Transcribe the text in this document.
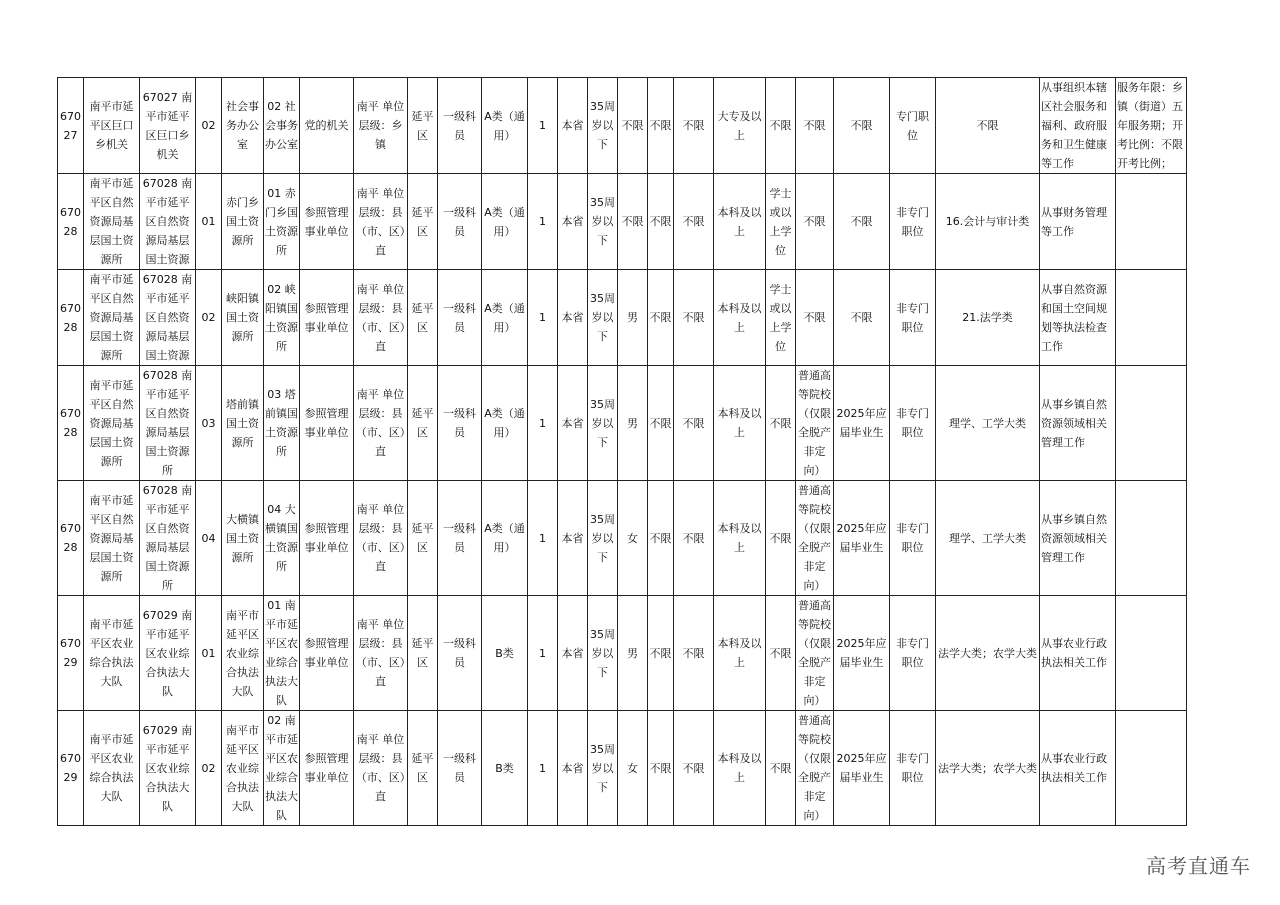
67027	南平市延平区巨口乡机关	67027 南平市延平区巨口乡机关	02	社会事务办公室	02 社会事务办公室	党的机关	南平 单位层级：乡镇	延平区	一级科员	A类（通用）	1	本省	35周岁以下	不限	不限	不限	大专及以上	不限	不限	不限	专门职位	不限	从事组织本辖区社会服务和福利、政府服务和卫生健康等工作	服务年限：乡镇（街道）五年服务期；开考比例：不限 开考比例；
67028	南平市延平区自然资源局基层国土资源所	67028 南平市延平区自然资源局基层国土资源	01	赤门乡国土资源所	01 赤门乡国土资源所	参照管理事业单位	南平 单位层级：县（市、区）直	延平区	一级科员	A类（通用）	1	本省	35周岁以下	不限	不限	不限	本科及以上	学士或以上学位	不限	不限	非专门职位	16.会计与审计类	从事财务管理等工作	
67028	南平市延平区自然资源局基层国土资源所	67028 南平市延平区自然资源局基层国土资源	02	峡阳镇国土资源所	02 峡阳镇国土资源所	参照管理事业单位	南平 单位层级：县（市、区）直	延平区	一级科员	A类（通用）	1	本省	35周岁以下	男	不限	不限	本科及以上	学士或以上学位	不限	不限	非专门职位	21.法学类	从事自然资源和国土空间规划等执法检查工作	
67028	南平市延平区自然资源局基层国土资源所	67028 南平市延平区自然资源局基层国土资源所	03	塔前镇国土资源所	03 塔前镇国土资源所	参照管理事业单位	南平 单位层级：县（市、区）直	延平区	一级科员	A类（通用）	1	本省	35周岁以下	男	不限	不限	本科及以上	不限	普通高等院校（仅限全脱产非定向）	2025年应届毕业生	非专门职位	理学、工学大类	从事乡镇自然资源领域相关管理工作	
67028	南平市延平区自然资源局基层国土资源所	67028 南平市延平区自然资源局基层国土资源所	04	大横镇国土资源所	04 大横镇国土资源所	参照管理事业单位	南平 单位层级：县（市、区）直	延平区	一级科员	A类（通用）	1	本省	35周岁以下	女	不限	不限	本科及以上	不限	普通高等院校（仅限全脱产非定向）	2025年应届毕业生	非专门职位	理学、工学大类	从事乡镇自然资源领域相关管理工作	
67029	南平市延平区农业综合执法大队	67029 南平市延平区农业综合执法大队	01	南平市延平区农业综合执法大队	01 南平市延平区农业综合执法大队	参照管理事业单位	南平 单位层级：县（市、区）直	延平区	一级科员	B类	1	本省	35周岁以下	男	不限	不限	本科及以上	不限	普通高等院校（仅限全脱产非定向）	2025年应届毕业生	非专门职位	法学大类；农学大类	从事农业行政执法相关工作	
67029	南平市延平区农业综合执法大队	67029 南平市延平区农业综合执法大队	02	南平市延平区农业综合执法大队	02 南平市延平区农业综合执法大队	参照管理事业单位	南平 单位层级：县（市、区）直	延平区	一级科员	B类	1	本省	35周岁以下	女	不限	不限	本科及以上	不限	普通高等院校（仅限全脱产非定向）	2025年应届毕业生	非专门职位	法学大类；农学大类	从事农业行政执法相关工作	
高考直通车
